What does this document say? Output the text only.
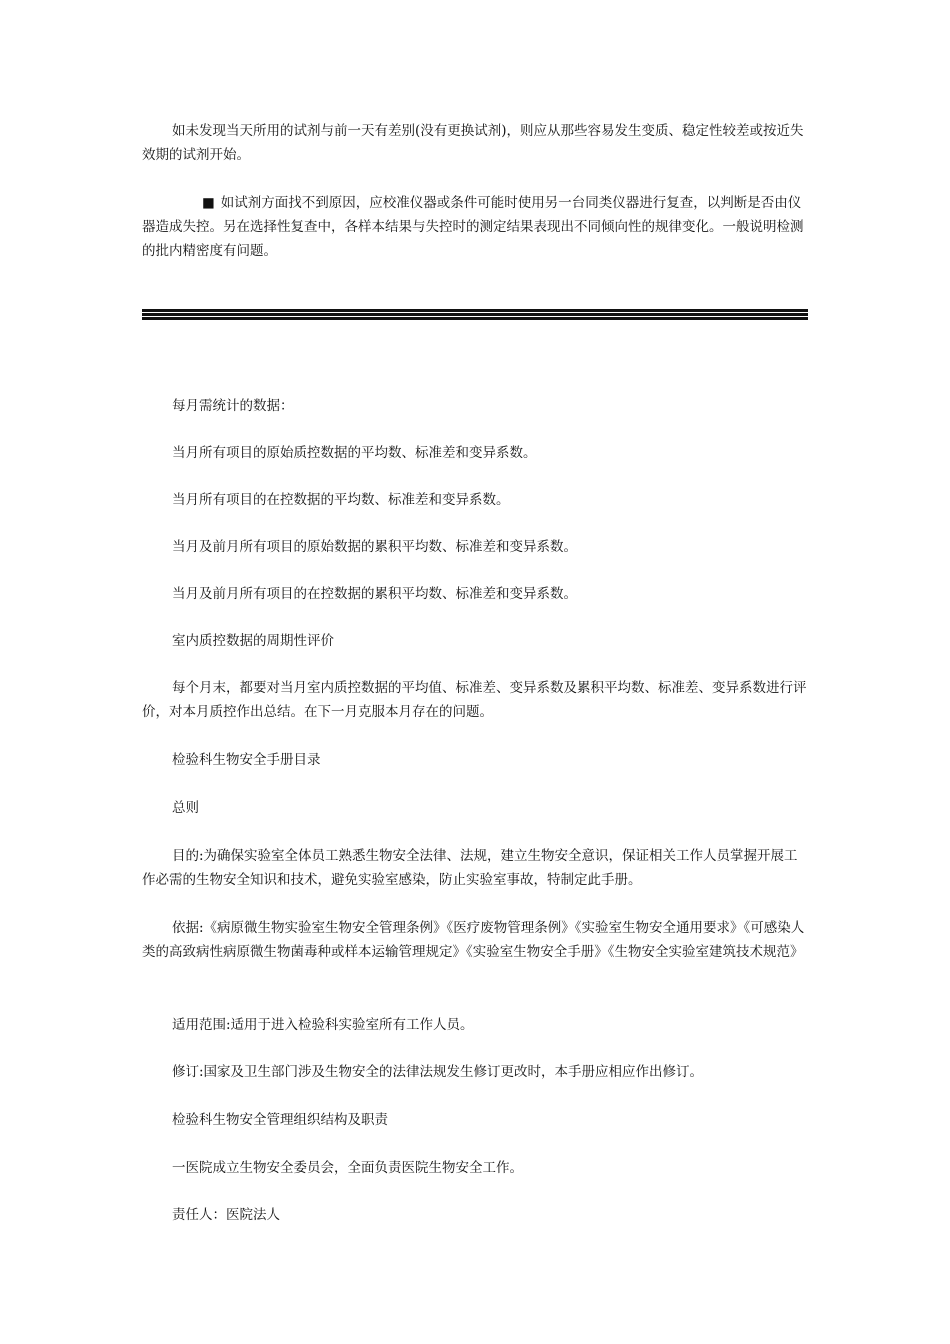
如未发现当天所用的试剂与前一天有差别(没有更换试剂)，则应从那些容易发生变质、稳定性较差或按近失效期的试剂开始。

■ 如试剂方面找不到原因，应校准仪器或条件可能时使用另一台同类仪器进行复查，以判断是否由仪器造成失控。另在选择性复查中，各样本结果与失控时的测定结果表现出不同倾向性的规律变化。一般说明检测的批内精密度有问题。

每月需统计的数据：

当月所有项目的原始质控数据的平均数、标准差和变异系数。

当月所有项目的在控数据的平均数、标准差和变异系数。

当月及前月所有项目的原始数据的累积平均数、标准差和变异系数。

当月及前月所有项目的在控数据的累积平均数、标准差和变异系数。

室内质控数据的周期性评价

每个月末，都要对当月室内质控数据的平均值、标准差、变异系数及累积平均数、标准差、变异系数进行评价，对本月质控作出总结。在下一月克服本月存在的问题。

检验科生物安全手册目录

总则

目的:为确保实验室全体员工熟悉生物安全法律、法规，建立生物安全意识，保证相关工作人员掌握开展工作必需的生物安全知识和技术，避免实验室感染，防止实验室事故，特制定此手册。

依据:《病原微生物实验室生物安全管理条例》《医疗废物管理条例》《实验室生物安全通用要求》《可感染人类的高致病性病原微生物菌毒种或样本运输管理规定》《实验室生物安全手册》《生物安全实验室建筑技术规范》

适用范围:适用于进入检验科实验室所有工作人员。

修订:国家及卫生部门涉及生物安全的法律法规发生修订更改时，本手册应相应作出修订。

检验科生物安全管理组织结构及职责

一医院成立生物安全委员会，全面负责医院生物安全工作。

责任人：医院法人
